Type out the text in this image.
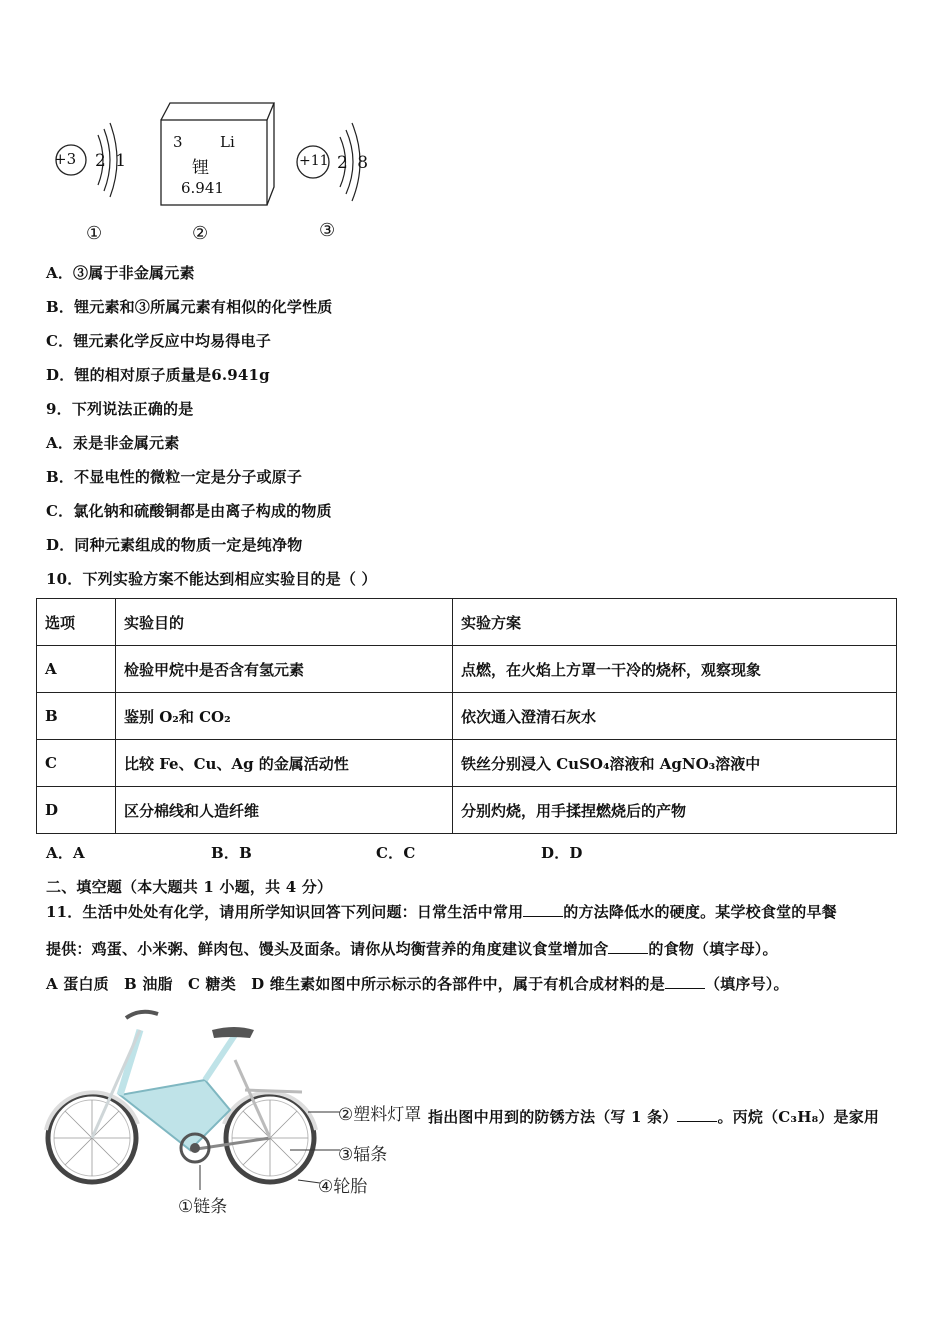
+3 2 1
①
3 Li
锂
6.941
②
+11 2 8
③
A．③属于非金属元素
B．锂元素和③所属元素有相似的化学性质
C．锂元素化学反应中均易得电子
D．锂的相对原子质量是6.941g
9．下列说法正确的是
A．汞是非金属元素
B．不显电性的微粒一定是分子或原子
C．氯化钠和硫酸铜都是由离子构成的物质
D．同种元素组成的物质一定是纯净物
10．下列实验方案不能达到相应实验目的是（ ）
选项	实验目的	实验方案
A	检验甲烷中是否含有氢元素	点燃，在火焰上方罩一干冷的烧杯，观察现象
B	鉴别 O₂和 CO₂	依次通入澄清石灰水
C	比较 Fe、Cu、Ag 的金属活动性	铁丝分别浸入 CuSO₄溶液和 AgNO₃溶液中
D	区分棉线和人造纤维	分别灼烧，用手揉捏燃烧后的产物
A．A	B．B	C．C	D．D
二、填空题（本大题共 1 小题，共 4 分）
11．生活中处处有化学，请用所学知识回答下列问题：日常生活中常用	的方法降低水的硬度。某学校食堂的早餐
提供：鸡蛋、小米粥、鲜肉包、馒头及面条。请你从均衡营养的角度建议食堂增加含	的食物（填字母）。
A 蛋白质　B 油脂　C 糖类　D 维生素如图中所示标示的各部件中，属于有机合成材料的是	（填序号）。
②塑料灯罩
③辐条
④轮胎
①链条
指出图中用到的防锈方法（写 1 条）	。丙烷（C₃H₈）是家用
